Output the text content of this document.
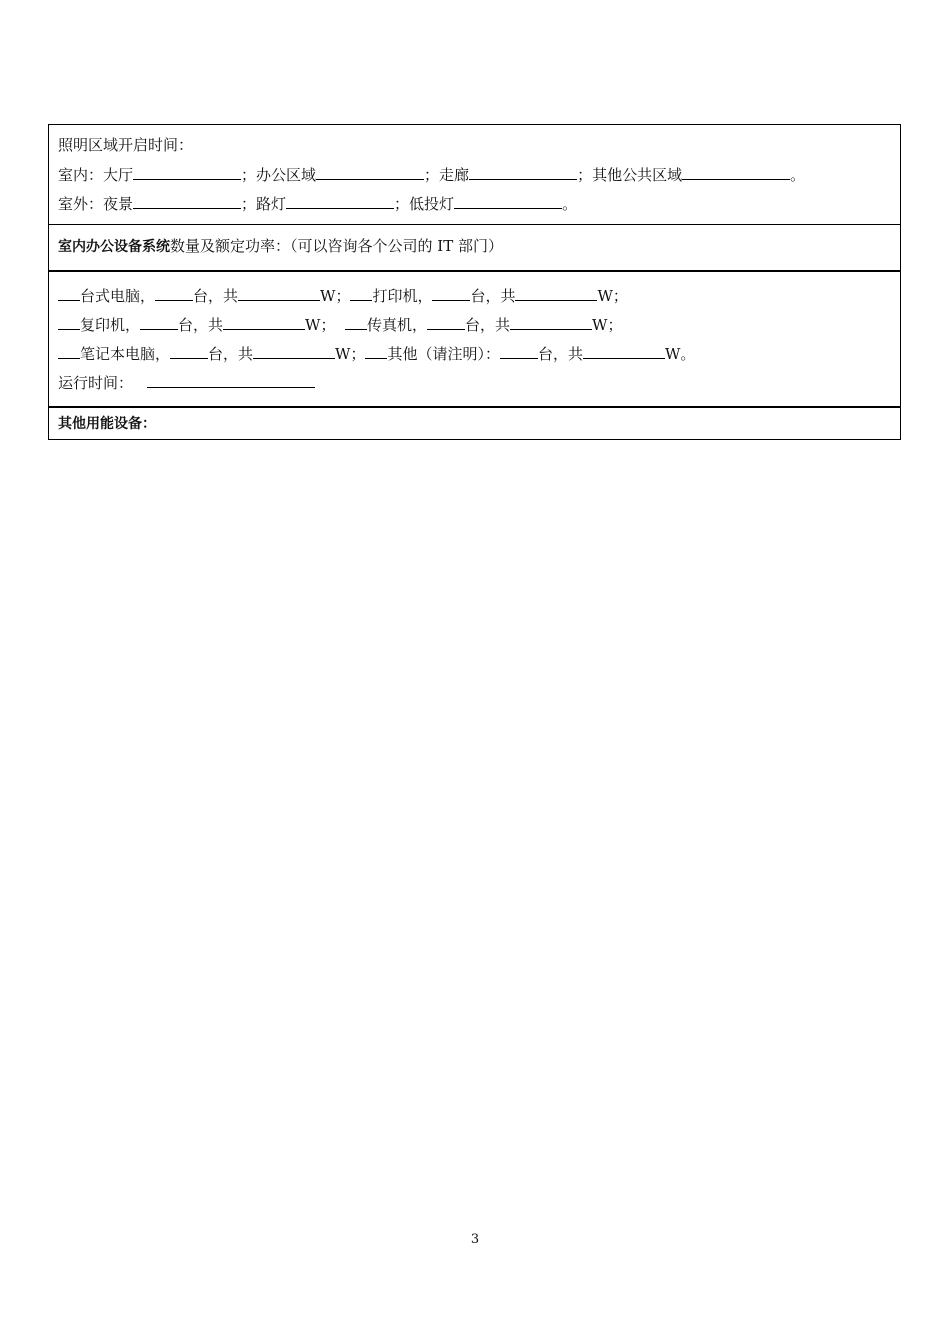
照明区域开启时间：
室内：大厅	；办公区域	；走廊	；其他公共区域	。
室外：夜景	；路灯	；低投灯	。
室内办公设备系统数量及额定功率：（可以咨询各个公司的 IT 部门）
台式电脑，	台，共	W； 打印机，	台，共	W；
复印机，	台，共	W； 传真机，	台，共	W；
笔记本电脑，	台，共	W； 其他（请注明）：	台，共	W。
运行时间：
其他用能设备：
3
